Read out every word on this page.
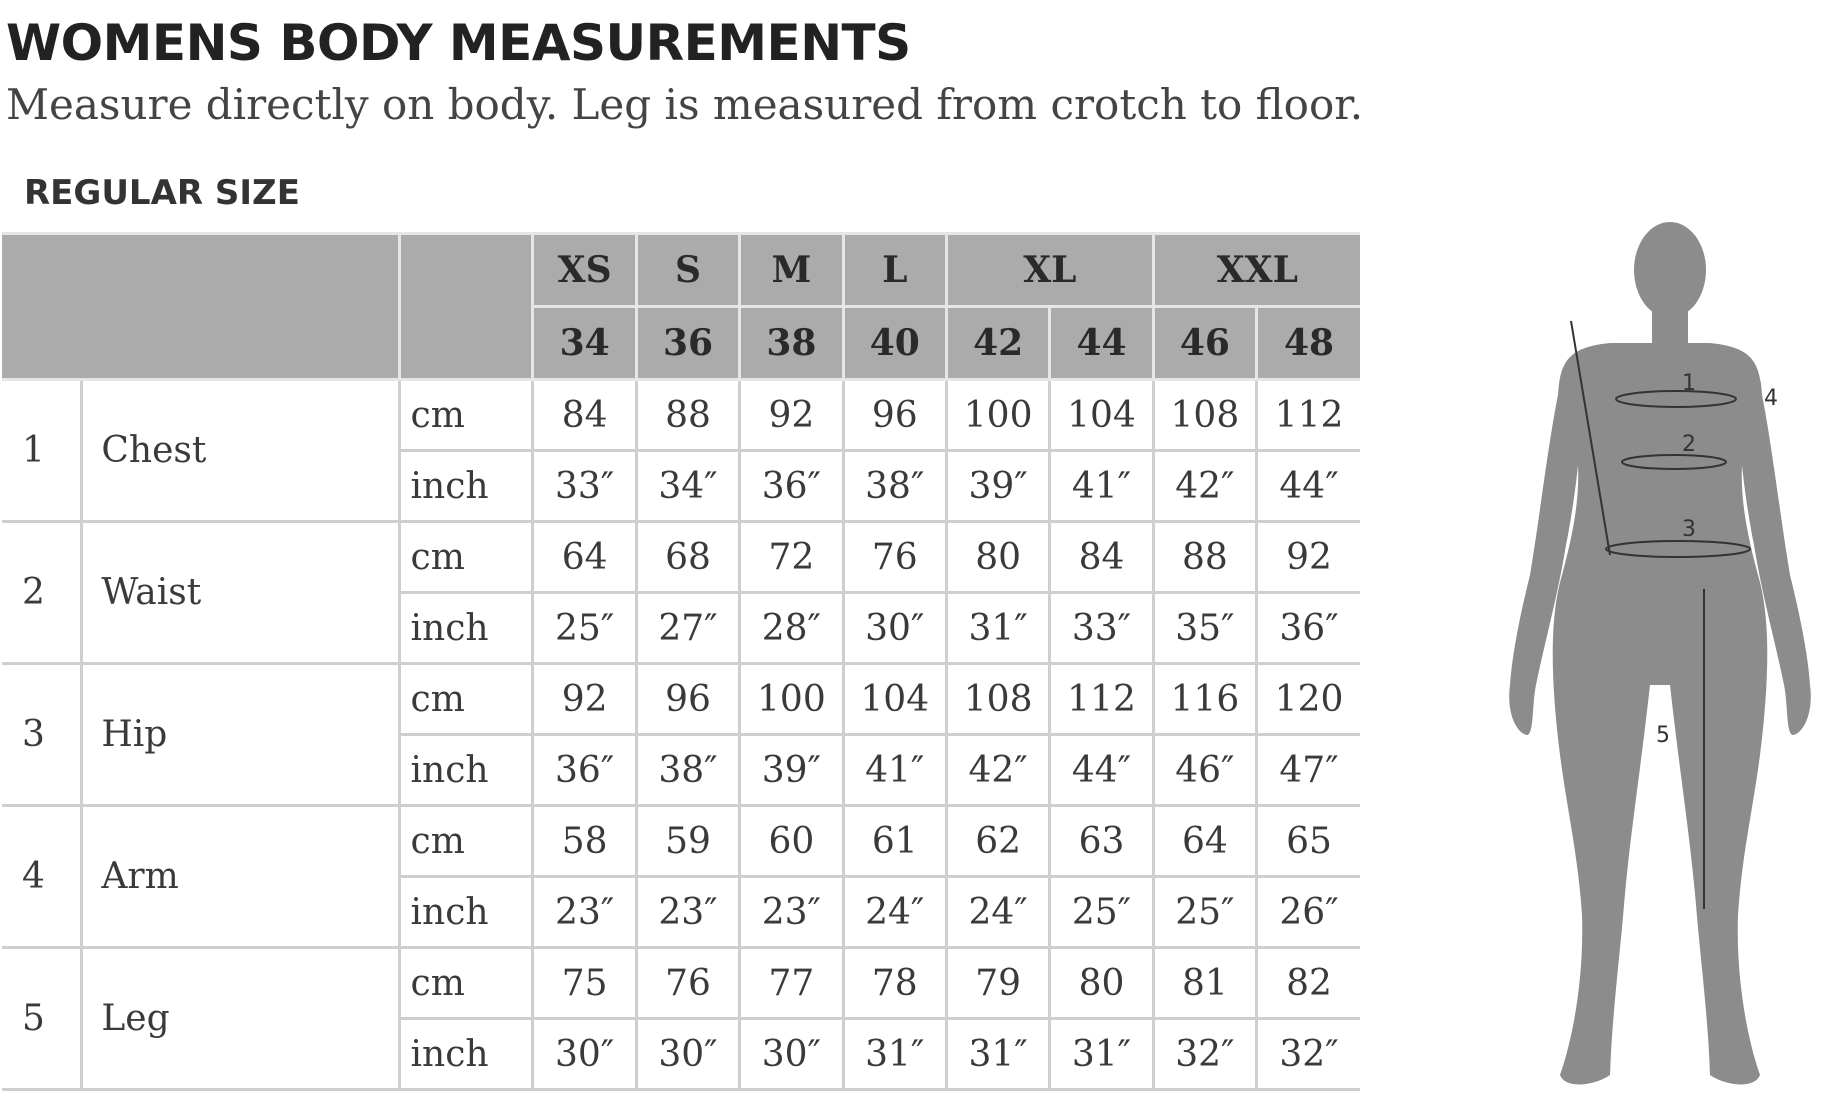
WOMENS BODY MEASUREMENTS
Measure directly on body. Leg is measured from crotch to floor.
REGULAR SIZE
			XS	S	M	L	XL		XXL	
			34	36	38	40	42	44	46	48
1	Chest	cm	84	88	92	96	100	104	108	112
		inch	33″	34″	36″	38″	39″	41″	42″	44″
2	Waist	cm	64	68	72	76	80	84	88	92
		inch	25″	27″	28″	30″	31″	33″	35″	36″
3	Hip	cm	92	96	100	104	108	112	116	120
		inch	36″	38″	39″	41″	42″	44″	46″	47″
4	Arm	cm	58	59	60	61	62	63	64	65
		inch	23″	23″	23″	24″	24″	25″	25″	26″
5	Leg	cm	75	76	77	78	79	80	81	82
		inch	30″	30″	30″	31″	31″	31″	32″	32″
1
2
3
4
5
